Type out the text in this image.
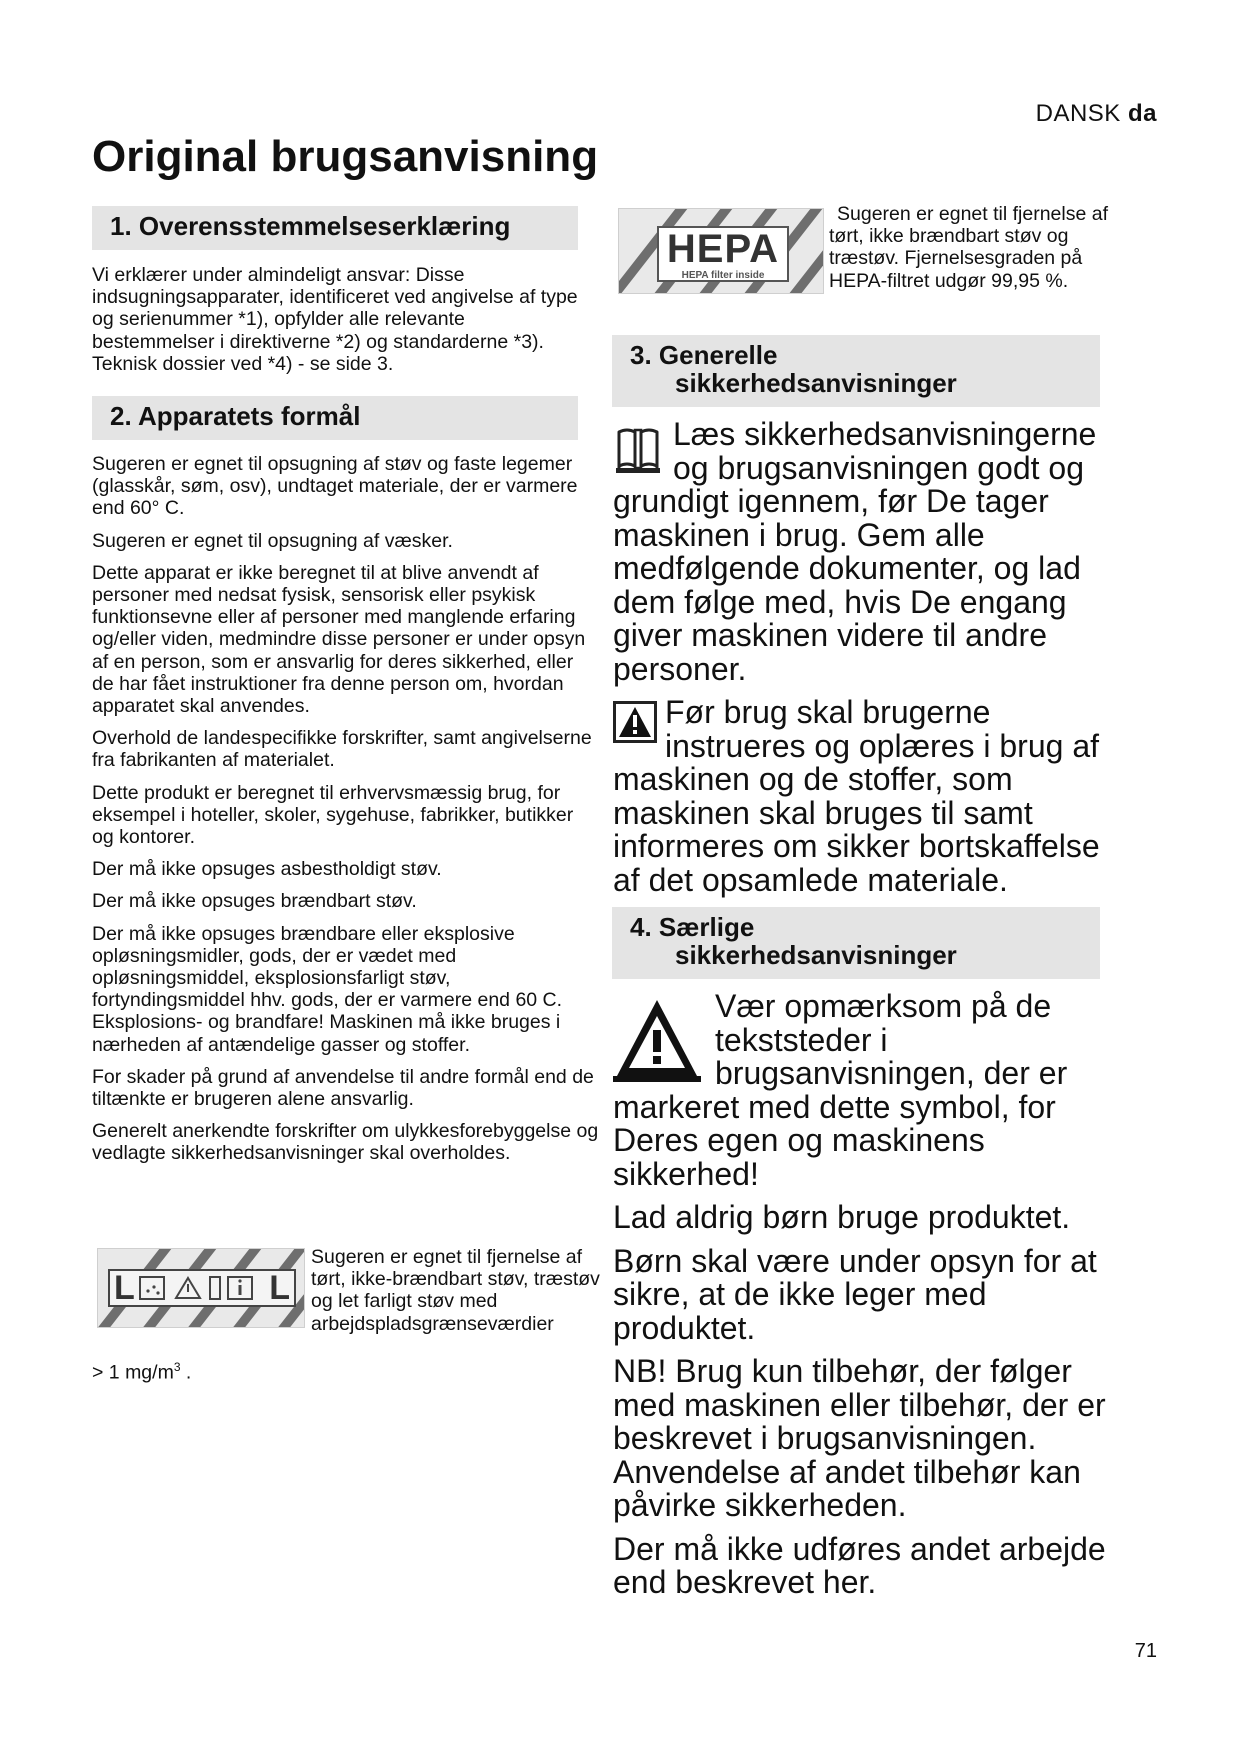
DANSK da
Original brugsanvisning
1. Overensstemmelseserklæring

Vi erklærer under almindeligt ansvar: Disse indsugningsapparater, identificeret ved angivelse af type og serienummer *1), opfylder alle relevante bestemmelser i direktiverne *2) og standarderne *3). Teknisk dossier ved *4) - se side 3.

2. Apparatets formål

Sugeren er egnet til opsugning af støv og faste legemer (glasskår, søm, osv), undtaget materiale, der er varmere end 60° C.

Sugeren er egnet til opsugning af væsker.

Dette apparat er ikke beregnet til at blive anvendt af personer med nedsat fysisk, sensorisk eller psykisk funktionsevne eller af personer med manglende erfaring og/eller viden, medmindre disse personer er under opsyn af en person, som er ansvarlig for deres sikkerhed, eller de har fået instruktioner fra denne person om, hvordan apparatet skal anvendes.

Overhold de landespecifikke forskrifter, samt angivelserne fra fabrikanten af materialet.

Dette produkt er beregnet til erhvervsmæssig brug, for eksempel i hoteller, skoler, sygehuse, fabrikker, butikker og kontorer.

Der må ikke opsuges asbestholdigt støv.

Der må ikke opsuges brændbart støv.

Der må ikke opsuges brændbare eller eksplosive opløsningsmidler, gods, der er vædet med opløsningsmiddel, eksplosionsfarligt støv, fortyndingsmiddel hhv. gods, der er varmere end 60 C. Eksplosions- og brandfare! Maskinen må ikke bruges i nærheden af antændelige gasser og stoffer.

For skader på grund af anvendelse til andre formål end de tiltænkte er brugeren alene ansvarlig.

Generelt anerkendte forskrifter om ulykkesforebyggelse og vedlagte sikkerhedsanvisninger skal overholdes.

L	L
Sugeren er egnet til fjernelse af tørt, ikke-brændbart støv, træstøv og let farligt støv med arbejdspladsgrænseværdier
> 1 $mg/m^3$ .
HEPA
HEPA filter inside
Sugeren er egnet til fjernelse af tørt, ikke brændbart støv og træstøv. Fjernelsesgraden på HEPA-filtret udgør 99,95 %.
3. Generelle
sikkerhedsanvisninger

Læs sikkerhedsanvisningerne og brugsanvisningen godt og grundigt igennem, før De tager maskinen i brug. Gem alle medfølgende dokumenter, og lad dem følge med, hvis De engang giver maskinen videre til andre personer.

Før brug skal brugerne instrueres og oplæres i brug af maskinen og de stoffer, som maskinen skal bruges til samt informeres om sikker bortskaffelse af det opsamlede materiale.

4. Særlige
sikkerhedsanvisninger

Vær opmærksom på de tekststeder i brugsanvisningen, der er markeret med dette symbol, for Deres egen og maskinens sikkerhed!

Lad aldrig børn bruge produktet.

Børn skal være under opsyn for at sikre, at de ikke leger med produktet.

NB! Brug kun tilbehør, der følger med maskinen eller tilbehør, der er beskrevet i brugsanvisningen. Anvendelse af andet tilbehør kan påvirke sikkerheden.

Der må ikke udføres andet arbejde end beskrevet her.

71
